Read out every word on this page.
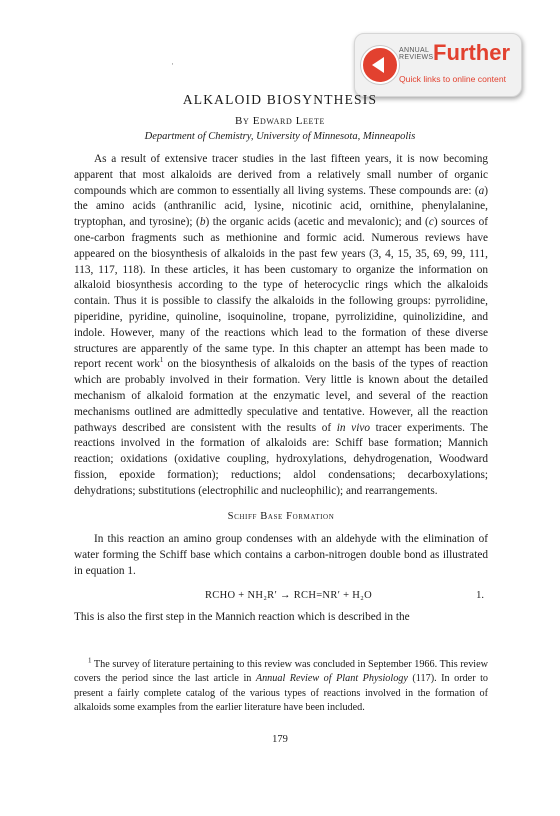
·
ANNUAL
REVIEWS Further
Quick links to online content
ALKALOID BIOSYNTHESIS
By Edward Leete
Department of Chemistry, University of Minnesota, Minneapolis

As a result of extensive tracer studies in the last fifteen years, it is now becoming apparent that most alkaloids are derived from a relatively small number of organic compounds which are common to essentially all living systems. These compounds are: (a) the amino acids (anthranilic acid, lysine, nicotinic acid, ornithine, phenylalanine, tryptophan, and tyrosine); (b) the organic acids (acetic and mevalonic); and (c) sources of one-carbon fragments such as methionine and formic acid. Numerous reviews have appeared on the biosynthesis of alkaloids in the past few years (3, 4, 15, 35, 69, 99, 111, 113, 117, 118). In these articles, it has been customary to organize the information on alkaloid biosynthesis according to the type of heterocyclic rings which the alkaloids contain. Thus it is possible to classify the alkaloids in the following groups: pyrrolidine, piperidine, pyridine, quinoline, isoquinoline, tropane, pyrrolizidine, quinolizidine, and indole. However, many of the reactions which lead to the formation of these diverse structures are apparently of the same type. In this chapter an attempt has been made to report recent work$^1$ on the biosynthesis of alkaloids on the basis of the types of reaction which are probably involved in their formation. Very little is known about the detailed mechanism of alkaloid formation at the enzymatic level, and several of the reaction mechanisms outlined are admittedly speculative and tentative. However, all the reaction pathways described are consistent with the results of in vivo tracer experiments. The reactions involved in the formation of alkaloids are: Schiff base formation; Mannich reaction; oxidations (oxidative coupling, hydroxylations, dehydrogenation, Woodward fission, epoxide formation); reductions; aldol condensations; decarboxylations; dehydrations; substitutions (electrophilic and nucleophilic); and rearrangements.

Schiff Base Formation

In this reaction an amino group condenses with an aldehyde with the elimination of water forming the Schiff base which contains a carbon-nitrogen double bond as illustrated in equation 1.

RCHO + NH₂R′ → RCH=NR′ + H₂O	1.

This is also the first step in the Mannich reaction which is described in the

$^1$ The survey of literature pertaining to this review was concluded in September 1966. This review covers the period since the last article in Annual Review of Plant Physiology (117). In order to present a fairly complete catalog of the various types of reactions involved in the formation of alkaloids some examples from the earlier literature have been included.

179
